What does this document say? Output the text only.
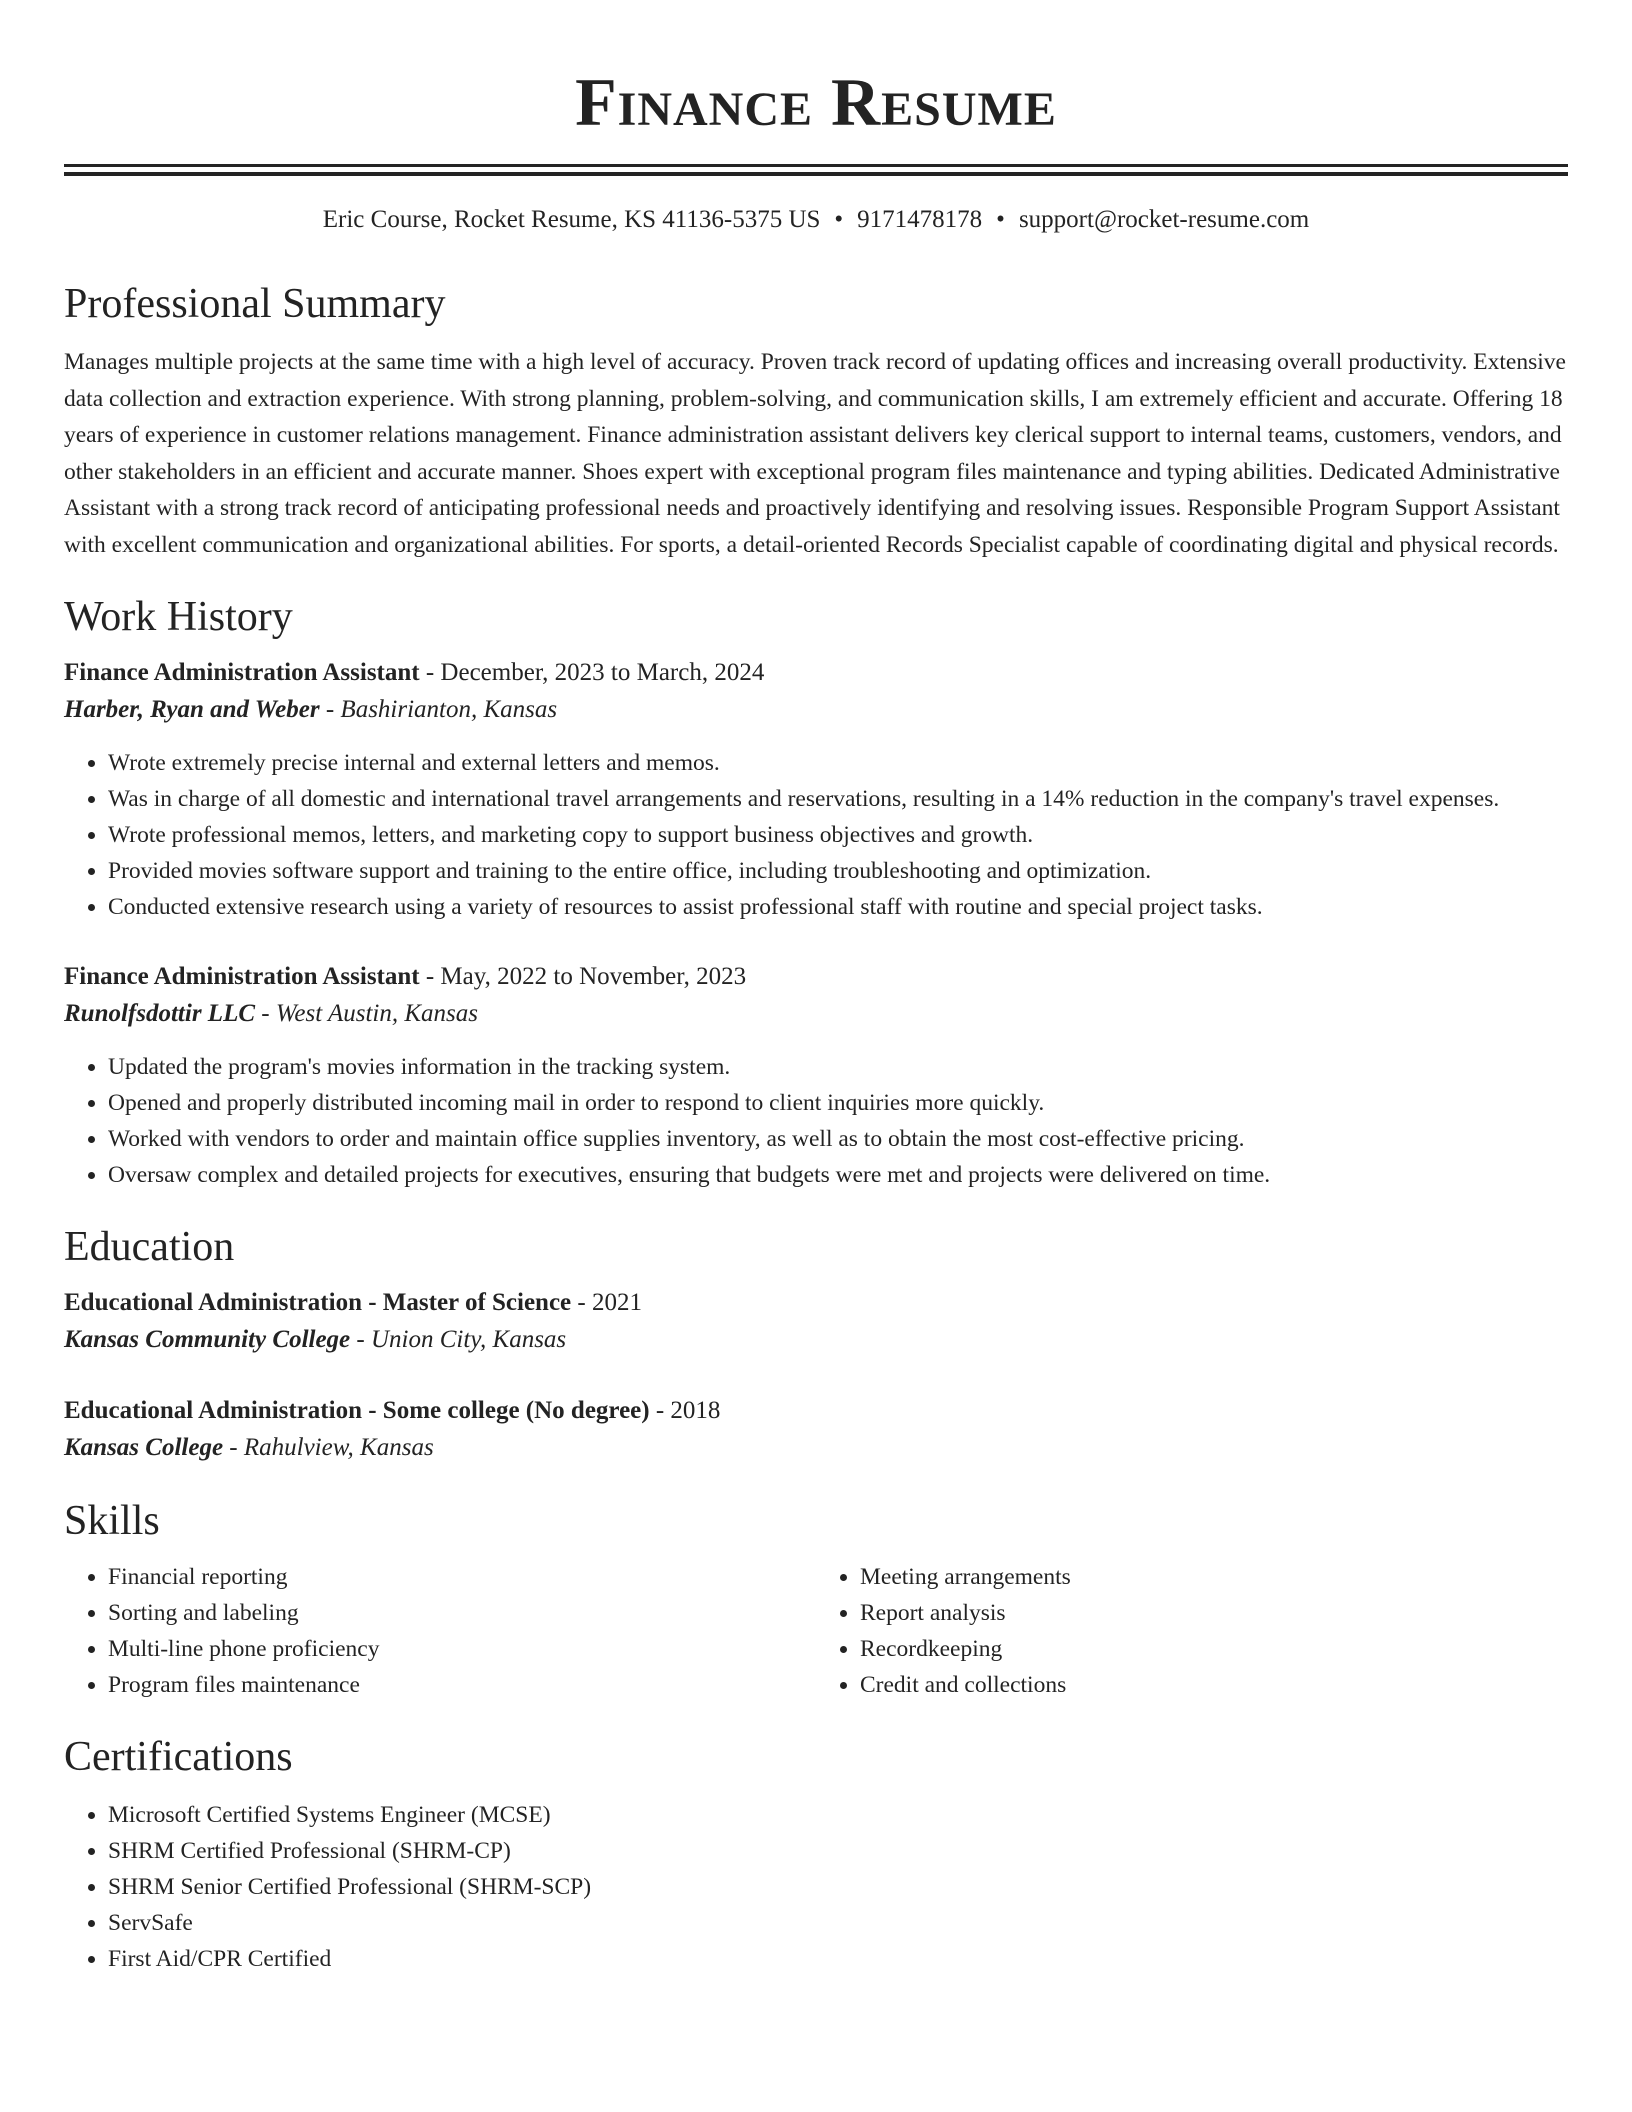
Finance Resume
Eric Course, Rocket Resume, KS 41136-5375 US • 9171478178 • support@rocket-resume.com
Professional Summary

Manages multiple projects at the same time with a high level of accuracy. Proven track record of updating offices and increasing overall productivity. Extensive data collection and extraction experience. With strong planning, problem-solving, and communication skills, I am extremely efficient and accurate. Offering 18 years of experience in customer relations management. Finance administration assistant delivers key clerical support to internal teams, customers, vendors, and other stakeholders in an efficient and accurate manner. Shoes expert with exceptional program files maintenance and typing abilities. Dedicated Administrative Assistant with a strong track record of anticipating professional needs and proactively identifying and resolving issues. Responsible Program Support Assistant with excellent communication and organizational abilities. For sports, a detail-oriented Records Specialist capable of coordinating digital and physical records.

Work History
Finance Administration Assistant - December, 2023 to March, 2024
Harber, Ryan and Weber - Bashirianton, Kansas
• Wrote extremely precise internal and external letters and memos.
• Was in charge of all domestic and international travel arrangements and reservations, resulting in a 14% reduction in the company's travel expenses.
• Wrote professional memos, letters, and marketing copy to support business objectives and growth.
• Provided movies software support and training to the entire office, including troubleshooting and optimization.
• Conducted extensive research using a variety of resources to assist professional staff with routine and special project tasks.
Finance Administration Assistant - May, 2022 to November, 2023
Runolfsdottir LLC - West Austin, Kansas
• Updated the program's movies information in the tracking system.
• Opened and properly distributed incoming mail in order to respond to client inquiries more quickly.
• Worked with vendors to order and maintain office supplies inventory, as well as to obtain the most cost-effective pricing.
• Oversaw complex and detailed projects for executives, ensuring that budgets were met and projects were delivered on time.
Education
Educational Administration - Master of Science - 2021
Kansas Community College - Union City, Kansas
Educational Administration - Some college (No degree) - 2018
Kansas College - Rahulview, Kansas
Skills
• Financial reporting
• Sorting and labeling
• Multi-line phone proficiency
• Program files maintenance
• Meeting arrangements
• Report analysis
• Recordkeeping
• Credit and collections
Certifications
• Microsoft Certified Systems Engineer (MCSE)
• SHRM Certified Professional (SHRM-CP)
• SHRM Senior Certified Professional (SHRM-SCP)
• ServSafe
• First Aid/CPR Certified
